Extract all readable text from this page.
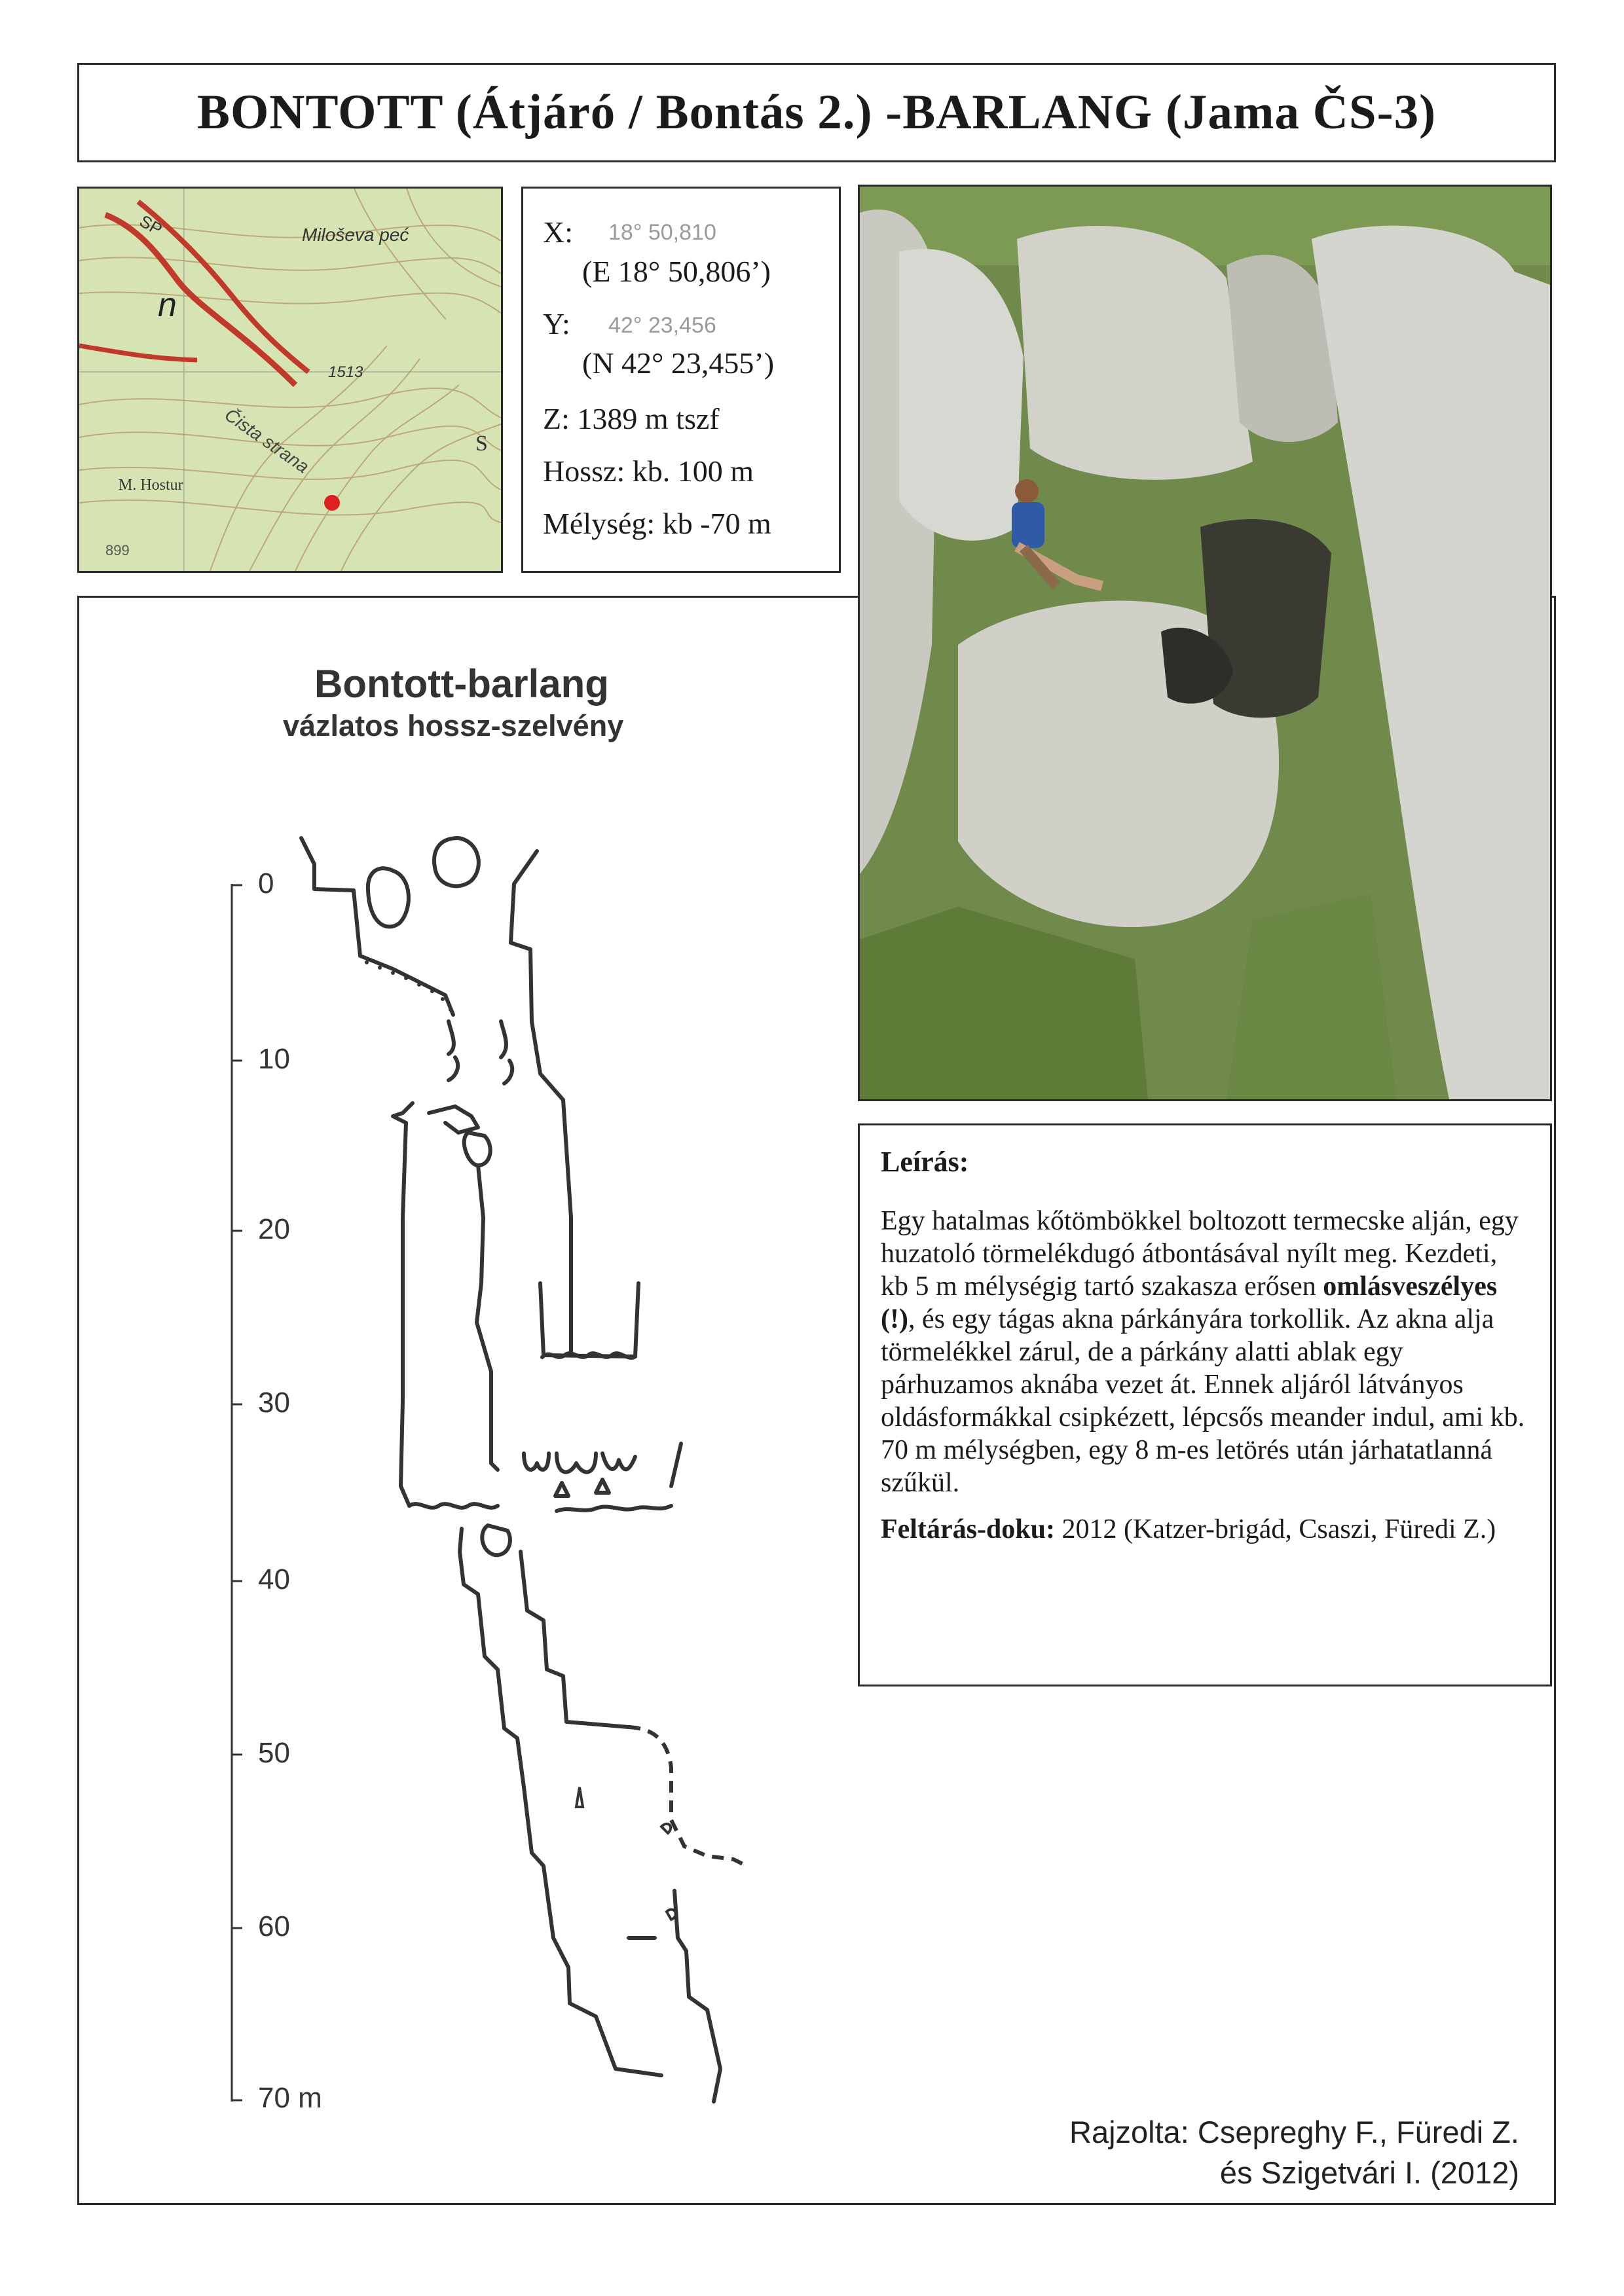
BONTOTT (Átjáró / Bontás 2.) -BARLANG (Jama ČS-3)
Miloševa peć
1513
Čista strana
M. Hostur
SP
n
S
899
X: 18° 50,810
(E 18° 50,806’)
Y: 42° 23,456
(N 42° 23,455’)
Z: 1389 m tszf
Hossz: kb. 100 m
Mélység: kb -70 m
Leírás:
Egy hatalmas kőtömbökkel boltozott termecske alján, egy huzatoló törmelékdugó átbontásával nyílt meg. Kezdeti, kb 5 m mélységig tartó szakasza erősen omlásveszélyes (!), és egy tágas akna párkányára torkollik. Az akna alja törmelékkel zárul, de a párkány alatti ablak egy párhuzamos aknába vezet át. Ennek aljáról látványos oldásformákkal csipkézett, lépcsős meander indul, ami kb. 70 m mélységben, egy 8 m-es letörés után járhatatlanná szűkül.
Feltárás-doku: 2012 (Katzer-brigád, Csaszi, Füredi Z.)
Bontott-barlang
vázlatos hossz-szelvény
0
10
20
30
40
50
60
70 m
Rajzolta: Csepreghy F., Füredi Z.
és Szigetvári I. (2012)
